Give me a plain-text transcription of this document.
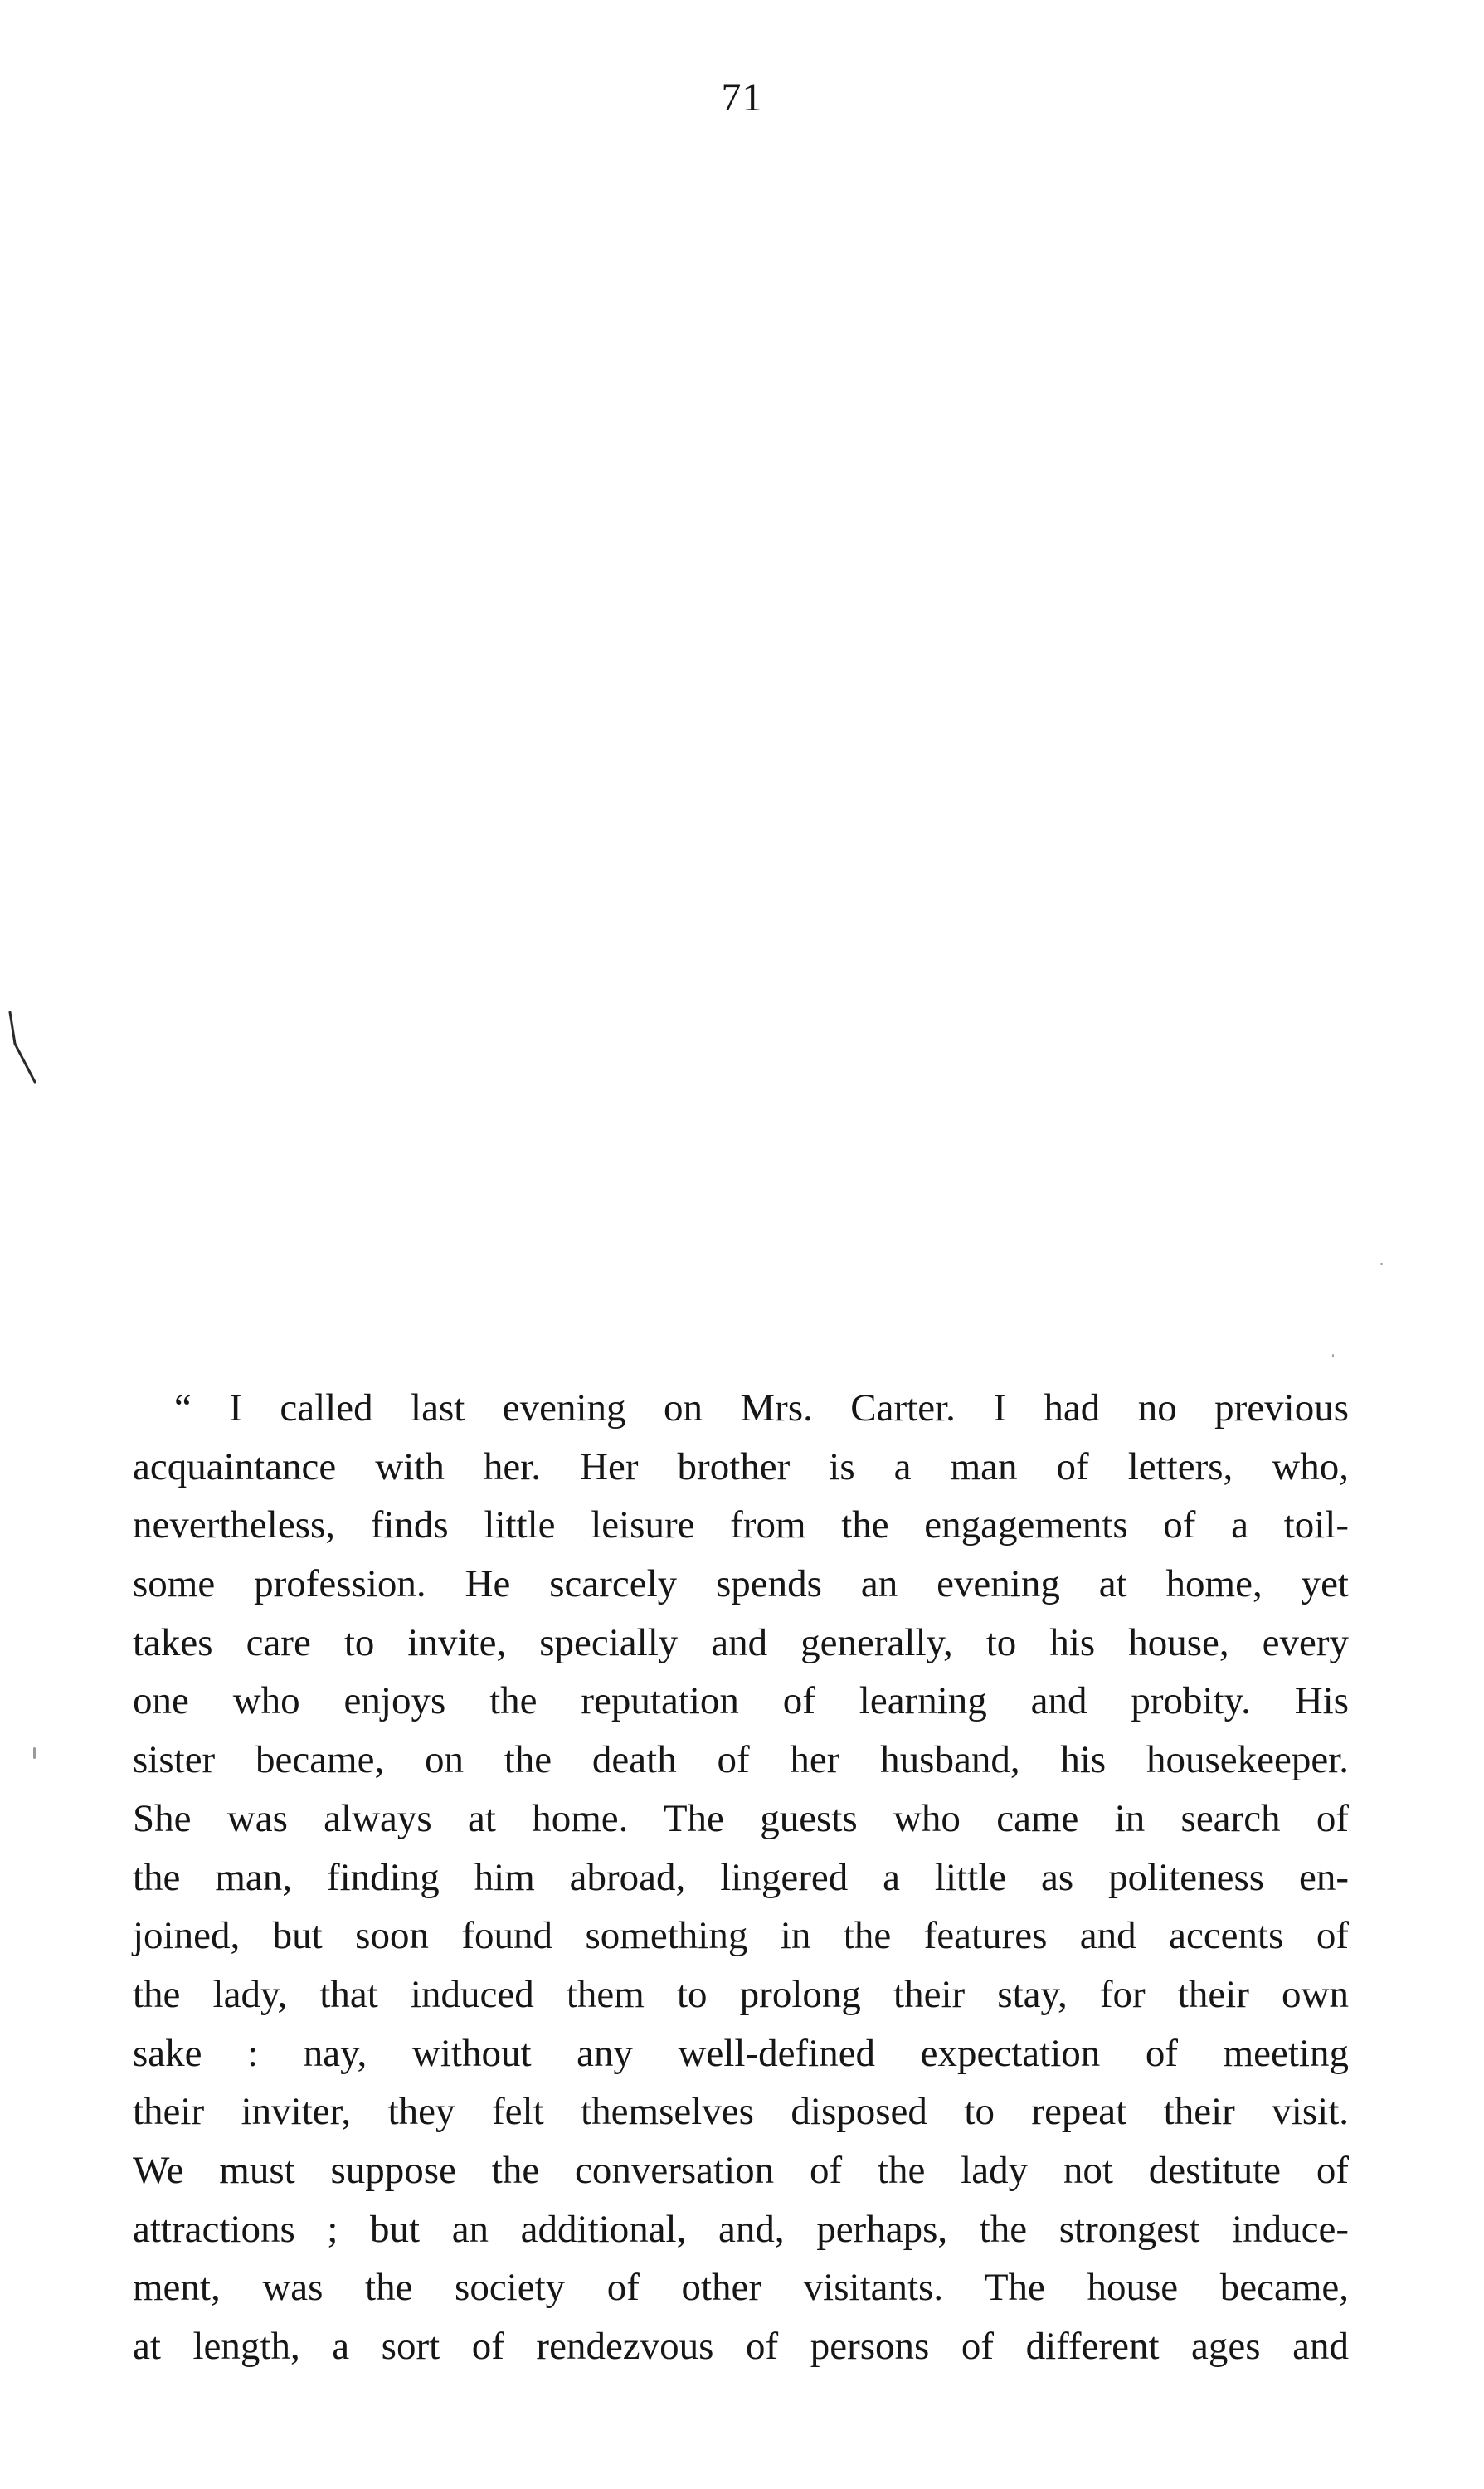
71
“ I called last evening on Mrs. Carter. I had no previous
acquaintance with her. Her brother is a man of letters, who,
nevertheless, finds little leisure from the engagements of a toil-
some profession. He scarcely spends an evening at home, yet
takes care to invite, specially and generally, to his house, every
one who enjoys the reputation of learning and probity. His
sister became, on the death of her husband, his housekeeper.
She was always at home. The guests who came in search of
the man, finding him abroad, lingered a little as politeness en-
joined, but soon found something in the features and accents of
the lady, that induced them to prolong their stay, for their own
sake : nay, without any well-defined expectation of meeting
their inviter, they felt themselves disposed to repeat their visit.
We must suppose the conversation of the lady not destitute of
attractions ; but an additional, and, perhaps, the strongest induce-
ment, was the society of other visitants. The house became,
at length, a sort of rendezvous of persons of different ages and
